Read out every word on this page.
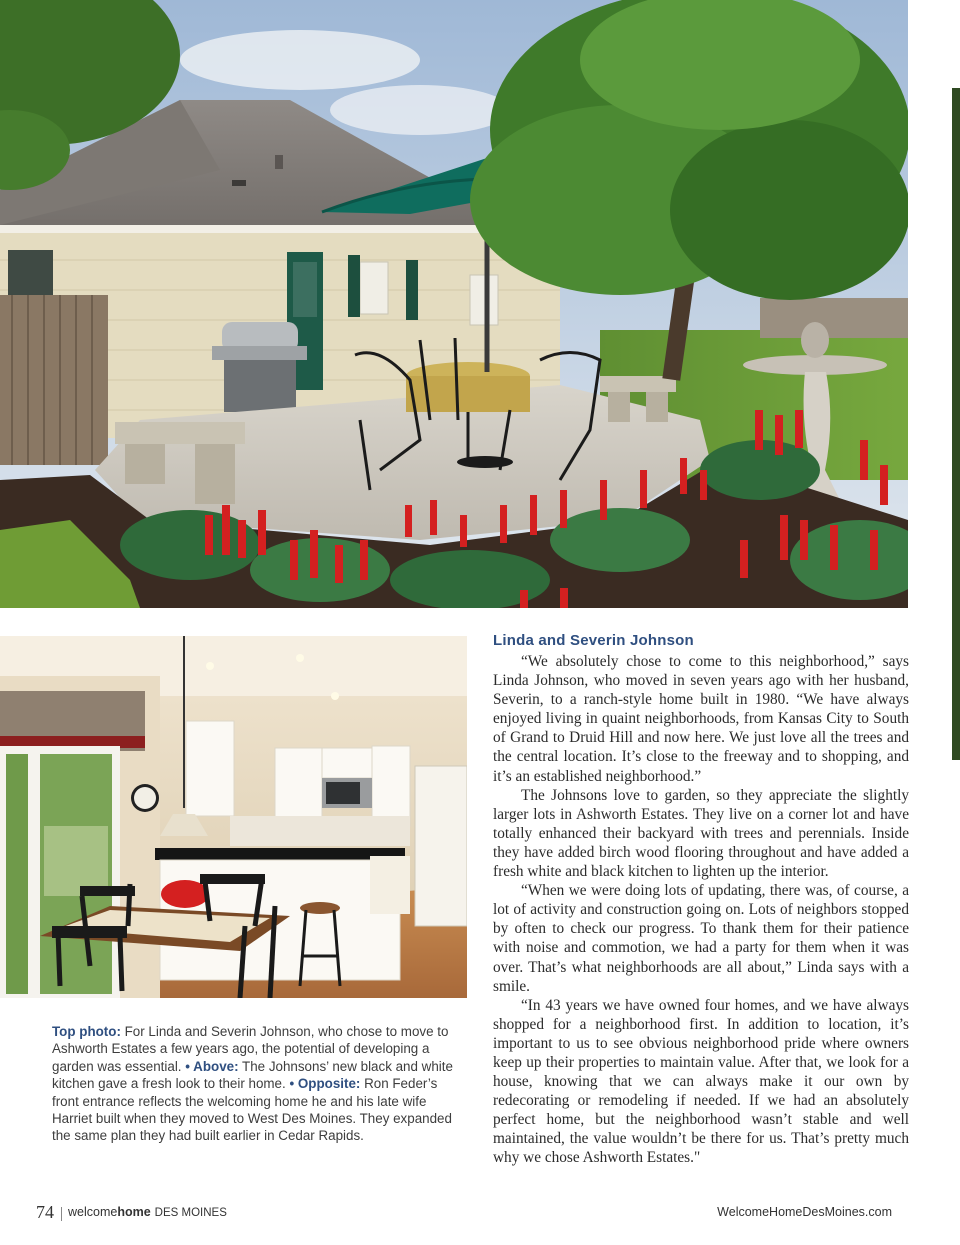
Top photo: For Linda and Severin Johnson, who chose to move to Ashworth Estates a few years ago, the potential of developing a garden was essential. • Above: The Johnsons’ new black and white kitchen gave a fresh look to their home. • Opposite: Ron Feder’s front entrance reflects the welcoming home he and his late wife Harriet built when they moved to West Des Moines. They expanded the same plan they had built earlier in Cedar Rapids.
Linda and Severin Johnson

“We absolutely chose to come to this neighborhood,” says Linda Johnson, who moved in seven years ago with her husband, Severin, to a ranch-style home built in 1980. “We have always enjoyed living in quaint neighborhoods, from Kansas City to South of Grand to Druid Hill and now here. We just love all the trees and the central location. It’s close to the freeway and to shopping, and it’s an established neighborhood.”

The Johnsons love to garden, so they appreciate the slightly larger lots in Ashworth Estates. They live on a corner lot and have totally enhanced their backyard with trees and perennials. Inside they have added birch wood flooring throughout and have added a fresh white and black kitchen to lighten up the interior.

“When we were doing lots of updating, there was, of course, a lot of activity and construction going on. Lots of neighbors stopped by often to check our progress. To thank them for their patience with noise and commotion, we had a party for them when it was over. That’s what neighborhoods are all about,” Linda says with a smile.

“In 43 years we have owned four homes, and we have always shopped for a neighborhood first. In addition to location, it’s important to us to see obvious neighborhood pride where owners keep up their properties to maintain value. After that, we look for a house, knowing that we can always make it our own by redecorating or remodeling if needed. If we had an absolutely perfect home, but the neighborhood wasn’t stable and well maintained, the value wouldn’t be there for us. That’s pretty much why we chose Ashworth Estates."

74 welcomehome DES MOINES	WelcomeHomeDesMoines.com
